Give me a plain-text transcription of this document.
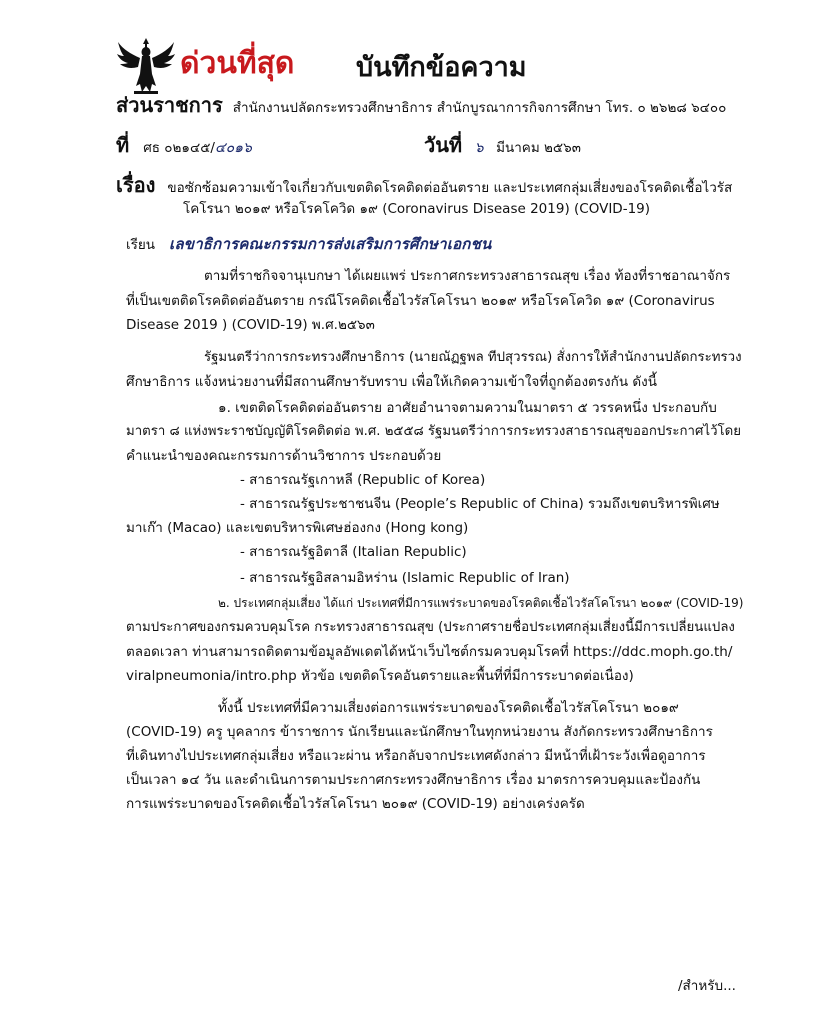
ด่วนที่สุด บันทึกข้อความ
ส่วนราชการ สำนักงานปลัดกระทรวงศึกษาธิการ สำนักบูรณาการกิจการศึกษา โทร. ๐ ๒๖๒๘ ๖๔๐๐
ที่ ศธ ๐๒๑๔๕/๔๐๑๖	วันที่ ๖ มีนาคม ๒๕๖๓
เรื่อง ขอซักซ้อมความเข้าใจเกี่ยวกับเขตติดโรคติดต่ออันตราย และประเทศกลุ่มเสี่ยงของโรคติดเชื้อไวรัส
โคโรนา ๒๐๑๙ หรือโรคโควิด ๑๙ (Coronavirus Disease 2019) (COVID-19)
เรียน เลขาธิการคณะกรรมการส่งเสริมการศึกษาเอกชน
ตามที่ราชกิจจานุเบกษา ได้เผยแพร่ ประกาศกระทรวงสาธารณสุข เรื่อง ท้องที่ราชอาณาจักร
ที่เป็นเขตติดโรคติดต่ออันตราย กรณีโรคติดเชื้อไวรัสโคโรนา ๒๐๑๙ หรือโรคโควิด ๑๙ (Coronavirus
Disease 2019 ) (COVID-19) พ.ศ.๒๕๖๓
รัฐมนตรีว่าการกระทรวงศึกษาธิการ (นายณัฏฐพล ทีปสุวรรณ) สั่งการให้สำนักงานปลัดกระทรวง
ศึกษาธิการ แจ้งหน่วยงานที่มีสถานศึกษารับทราบ เพื่อให้เกิดความเข้าใจที่ถูกต้องตรงกัน ดังนี้
๑. เขตติดโรคติดต่ออันตราย อาศัยอำนาจตามความในมาตรา ๕ วรรคหนึ่ง ประกอบกับ
มาตรา ๘ แห่งพระราชบัญญัติโรคติดต่อ พ.ศ. ๒๕๕๘ รัฐมนตรีว่าการกระทรวงสาธารณสุขออกประกาศไว้โดย
คำแนะนำของคณะกรรมการด้านวิชาการ ประกอบด้วย
- สาธารณรัฐเกาหลี (Republic of Korea)
- สาธารณรัฐประชาชนจีน (People’s Republic of China) รวมถึงเขตบริหารพิเศษ
มาเก๊า (Macao) และเขตบริหารพิเศษฮ่องกง (Hong kong)
- สาธารณรัฐอิตาลี (Italian Republic)
- สาธารณรัฐอิสลามอิหร่าน (Islamic Republic of Iran)
๒. ประเทศกลุ่มเสี่ยง ได้แก่ ประเทศที่มีการแพร่ระบาดของโรคติดเชื้อไวรัสโคโรนา ๒๐๑๙ (COVID-19)
ตามประกาศของกรมควบคุมโรค กระทรวงสาธารณสุข (ประกาศรายชื่อประเทศกลุ่มเสี่ยงนี้มีการเปลี่ยนแปลง
ตลอดเวลา ท่านสามารถติดตามข้อมูลอัพเดตได้หน้าเว็บไซต์กรมควบคุมโรคที่ https://ddc.moph.go.th/
viralpneumonia/intro.php หัวข้อ เขตติดโรคอันตรายและพื้นที่ที่มีการระบาดต่อเนื่อง)
ทั้งนี้ ประเทศที่มีความเสี่ยงต่อการแพร่ระบาดของโรคติดเชื้อไวรัสโคโรนา ๒๐๑๙
(COVID-19) ครู บุคลากร ข้าราชการ นักเรียนและนักศึกษาในทุกหน่วยงาน สังกัดกระทรวงศึกษาธิการ
ที่เดินทางไปประเทศกลุ่มเสี่ยง หรือแวะผ่าน หรือกลับจากประเทศดังกล่าว มีหน้าที่เฝ้าระวังเพื่อดูอาการ
เป็นเวลา ๑๔ วัน และดำเนินการตามประกาศกระทรวงศึกษาธิการ เรื่อง มาตรการควบคุมและป้องกัน
การแพร่ระบาดของโรคติดเชื้อไวรัสโคโรนา ๒๐๑๙ (COVID-19) อย่างเคร่งครัด
/สำหรับ...
